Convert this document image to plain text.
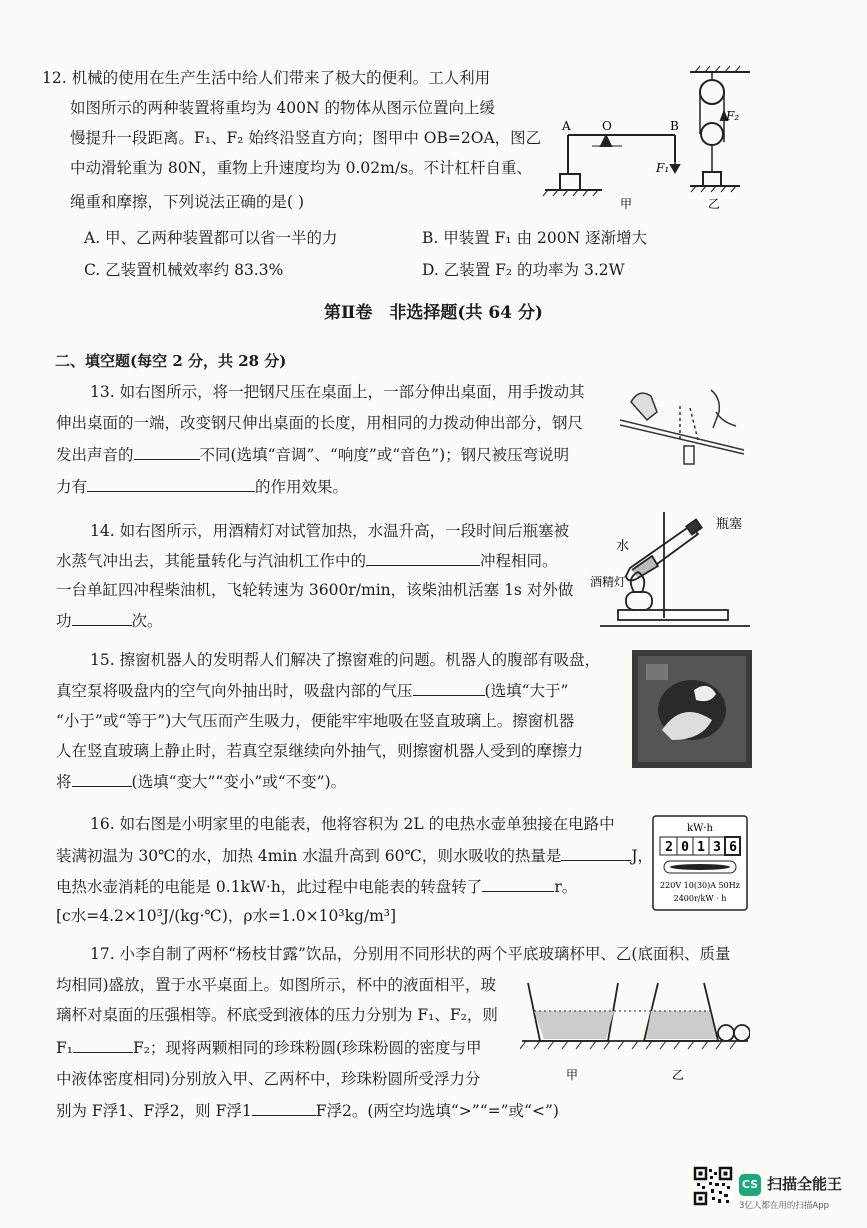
12. 机械的使用在生产生活中给人们带来了极大的便利。工人利用
如图所示的两种装置将重均为 400N 的物体从图示位置向上缓
慢提升一段距离。F₁、F₂ 始终沿竖直方向；图甲中 OB=2OA，图乙
中动滑轮重为 80N，重物上升速度均为 0.02m/s。不计杠杆自重、
绳重和摩擦，下列说法正确的是( )
A. 甲、乙两种装置都可以省一半的力	B. 甲装置 F₁ 由 200N 逐渐增大
C. 乙装置机械效率约 83.3%	D. 乙装置 F₂ 的功率为 3.2W
A	O	B
F₁
F₂
甲	乙
第Ⅱ卷　非选择题(共 64 分)
二、填空题(每空 2 分，共 28 分)
13. 如右图所示，将一把钢尺压在桌面上，一部分伸出桌面，用手拨动其
伸出桌面的一端，改变钢尺伸出桌面的长度，用相同的力拨动伸出部分，钢尺
发出声音的	不同(选填“音调”、“响度”或“音色”)；钢尺被压弯说明
力有	的作用效果。
14. 如右图所示，用酒精灯对试管加热，水温升高，一段时间后瓶塞被
水蒸气冲出去，其能量转化与汽油机工作中的	冲程相同。
一台单缸四冲程柴油机，飞轮转速为 3600r/min，该柴油机活塞 1s 对外做
功	次。
水
瓶塞
酒精灯
15. 擦窗机器人的发明帮人们解决了擦窗难的问题。机器人的腹部有吸盘，
真空泵将吸盘内的空气向外抽出时，吸盘内部的气压	(选填“大于”
“小于”或“等于”)大气压而产生吸力，便能牢牢地吸在竖直玻璃上。擦窗机器
人在竖直玻璃上静止时，若真空泵继续向外抽气，则擦窗机器人受到的摩擦力
将	(选填“变大”“变小”或“不变”)。
16. 如右图是小明家里的电能表，他将容积为 2L 的电热水壶单独接在电路中
装满初温为 30℃的水，加热 4min 水温升高到 60℃，则水吸收的热量是	J，
电热水壶消耗的电能是 0.1kW·h，此过程中电能表的转盘转了	r。
[c水=4.2×10³J/(kg·℃)，ρ水=1.0×10³kg/m³]
kW·h
2 0 1 3 6
220V 10(30)A 50Hz
2400r/kW · h
17. 小李自制了两杯“杨枝甘露”饮品，分别用不同形状的两个平底玻璃杯甲、乙(底面积、质量
均相同)盛放，置于水平桌面上。如图所示，杯中的液面相平，玻
璃杯对桌面的压强相等。杯底受到液体的压力分别为 F₁、F₂，则
F₁	F₂；现将两颗相同的珍珠粉圆(珍珠粉圆的密度与甲
中液体密度相同)分别放入甲、乙两杯中，珍珠粉圆所受浮力分
别为 F浮1、F浮2，则 F浮1	F浮2。(两空均选填“>”“=”或“<”)
甲	乙
CS 扫描全能王
3亿人都在用的扫描App
